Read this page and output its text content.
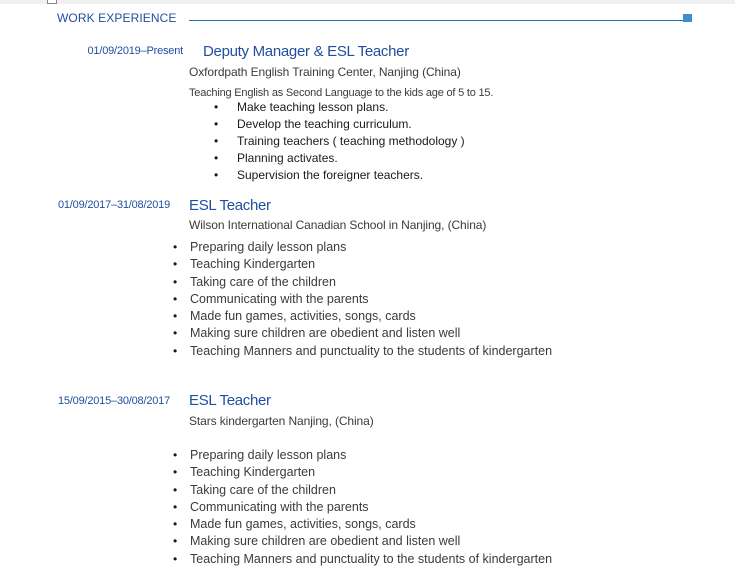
WORK EXPERIENCE
01/09/2019–Present Deputy Manager & ESL Teacher
Oxfordpath English Training Center, Nanjing (China)
Teaching English as Second Language to the kids age of 5 to 15.
• Make teaching lesson plans.
• Develop the teaching curriculum.
• Training teachers ( teaching methodology )
• Planning activates.
• Supervision the foreigner teachers.
01/09/2017–31/08/2019 ESL Teacher
Wilson International Canadian School in Nanjing, (China)
• Preparing daily lesson plans
• Teaching Kindergarten
• Taking care of the children
• Communicating with the parents
• Made fun games, activities, songs, cards
• Making sure children are obedient and listen well
• Teaching Manners and punctuality to the students of kindergarten
15/09/2015–30/08/2017 ESL Teacher
Stars kindergarten Nanjing, (China)
• Preparing daily lesson plans
• Teaching Kindergarten
• Taking care of the children
• Communicating with the parents
• Made fun games, activities, songs, cards
• Making sure children are obedient and listen well
• Teaching Manners and punctuality to the students of kindergarten
